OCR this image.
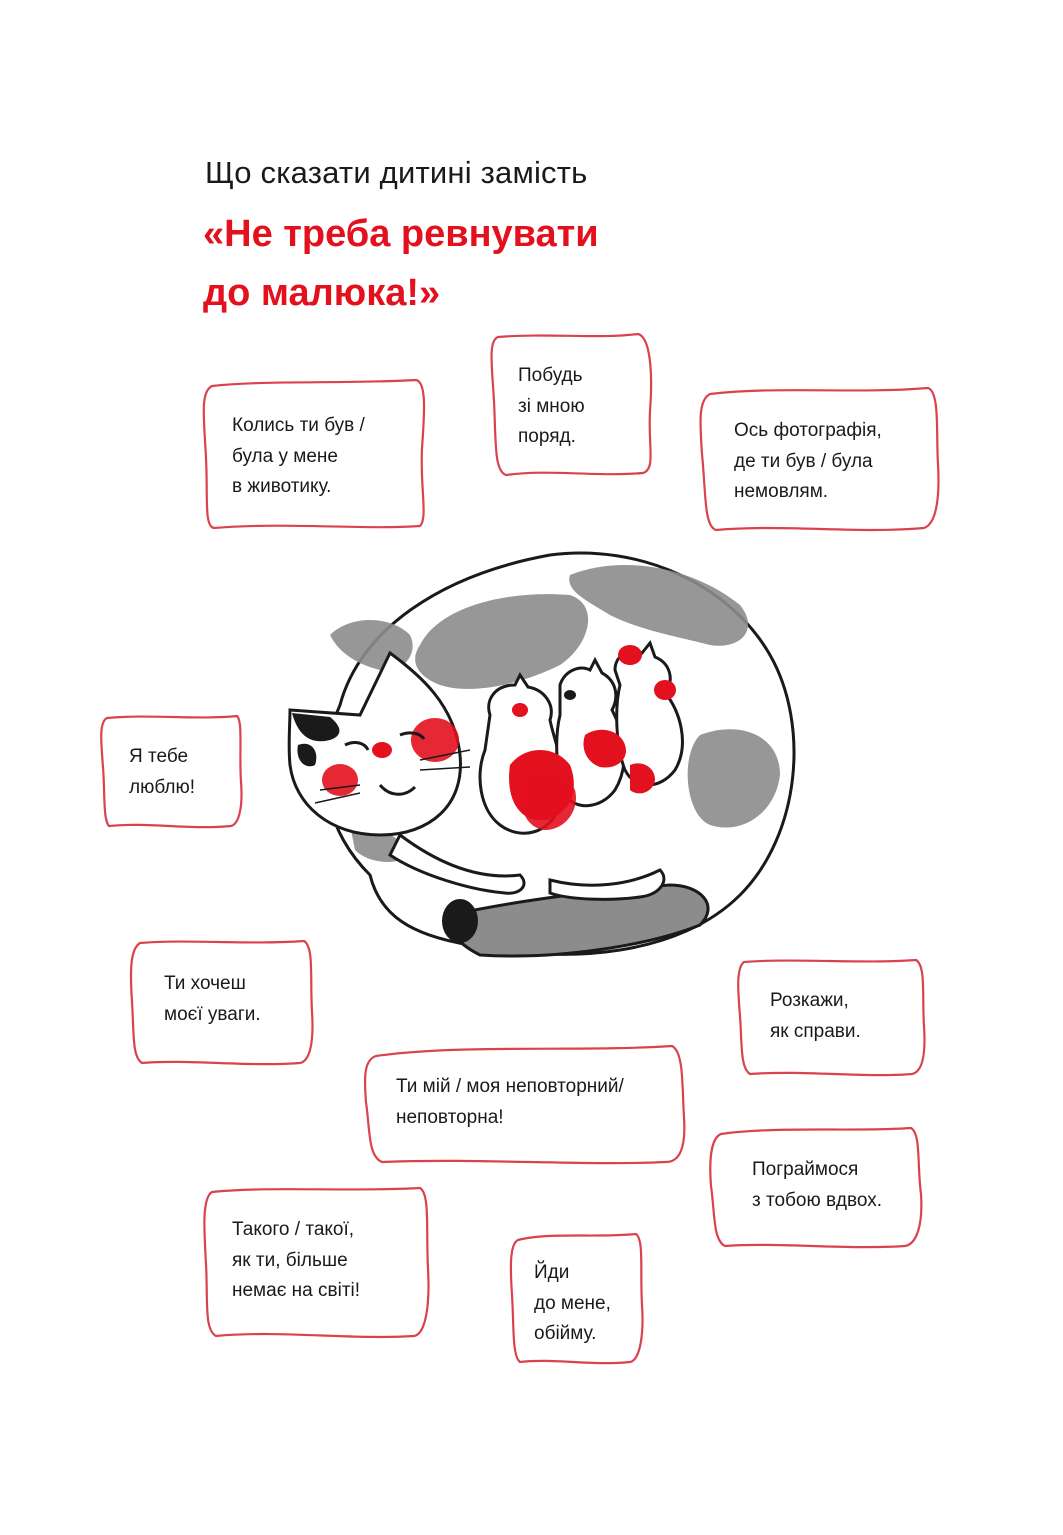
Що сказати дитині замість

«Не треба ревнувати
до малюка!»
Колись ти був /
була у мене
в животику.
Побудь
зі мною
поряд.	Ось фотографія,
де ти був / була
немовлям.
Я тебе
люблю!
Ти хочеш
моєї уваги.
Розкажи,
як справи.
Ти мій / моя неповторний/
неповторна!
Пограймося
з тобою вдвох.
Такого / такої,
як ти, більше
немає на світі!
Йди
до мене,
обійму.
